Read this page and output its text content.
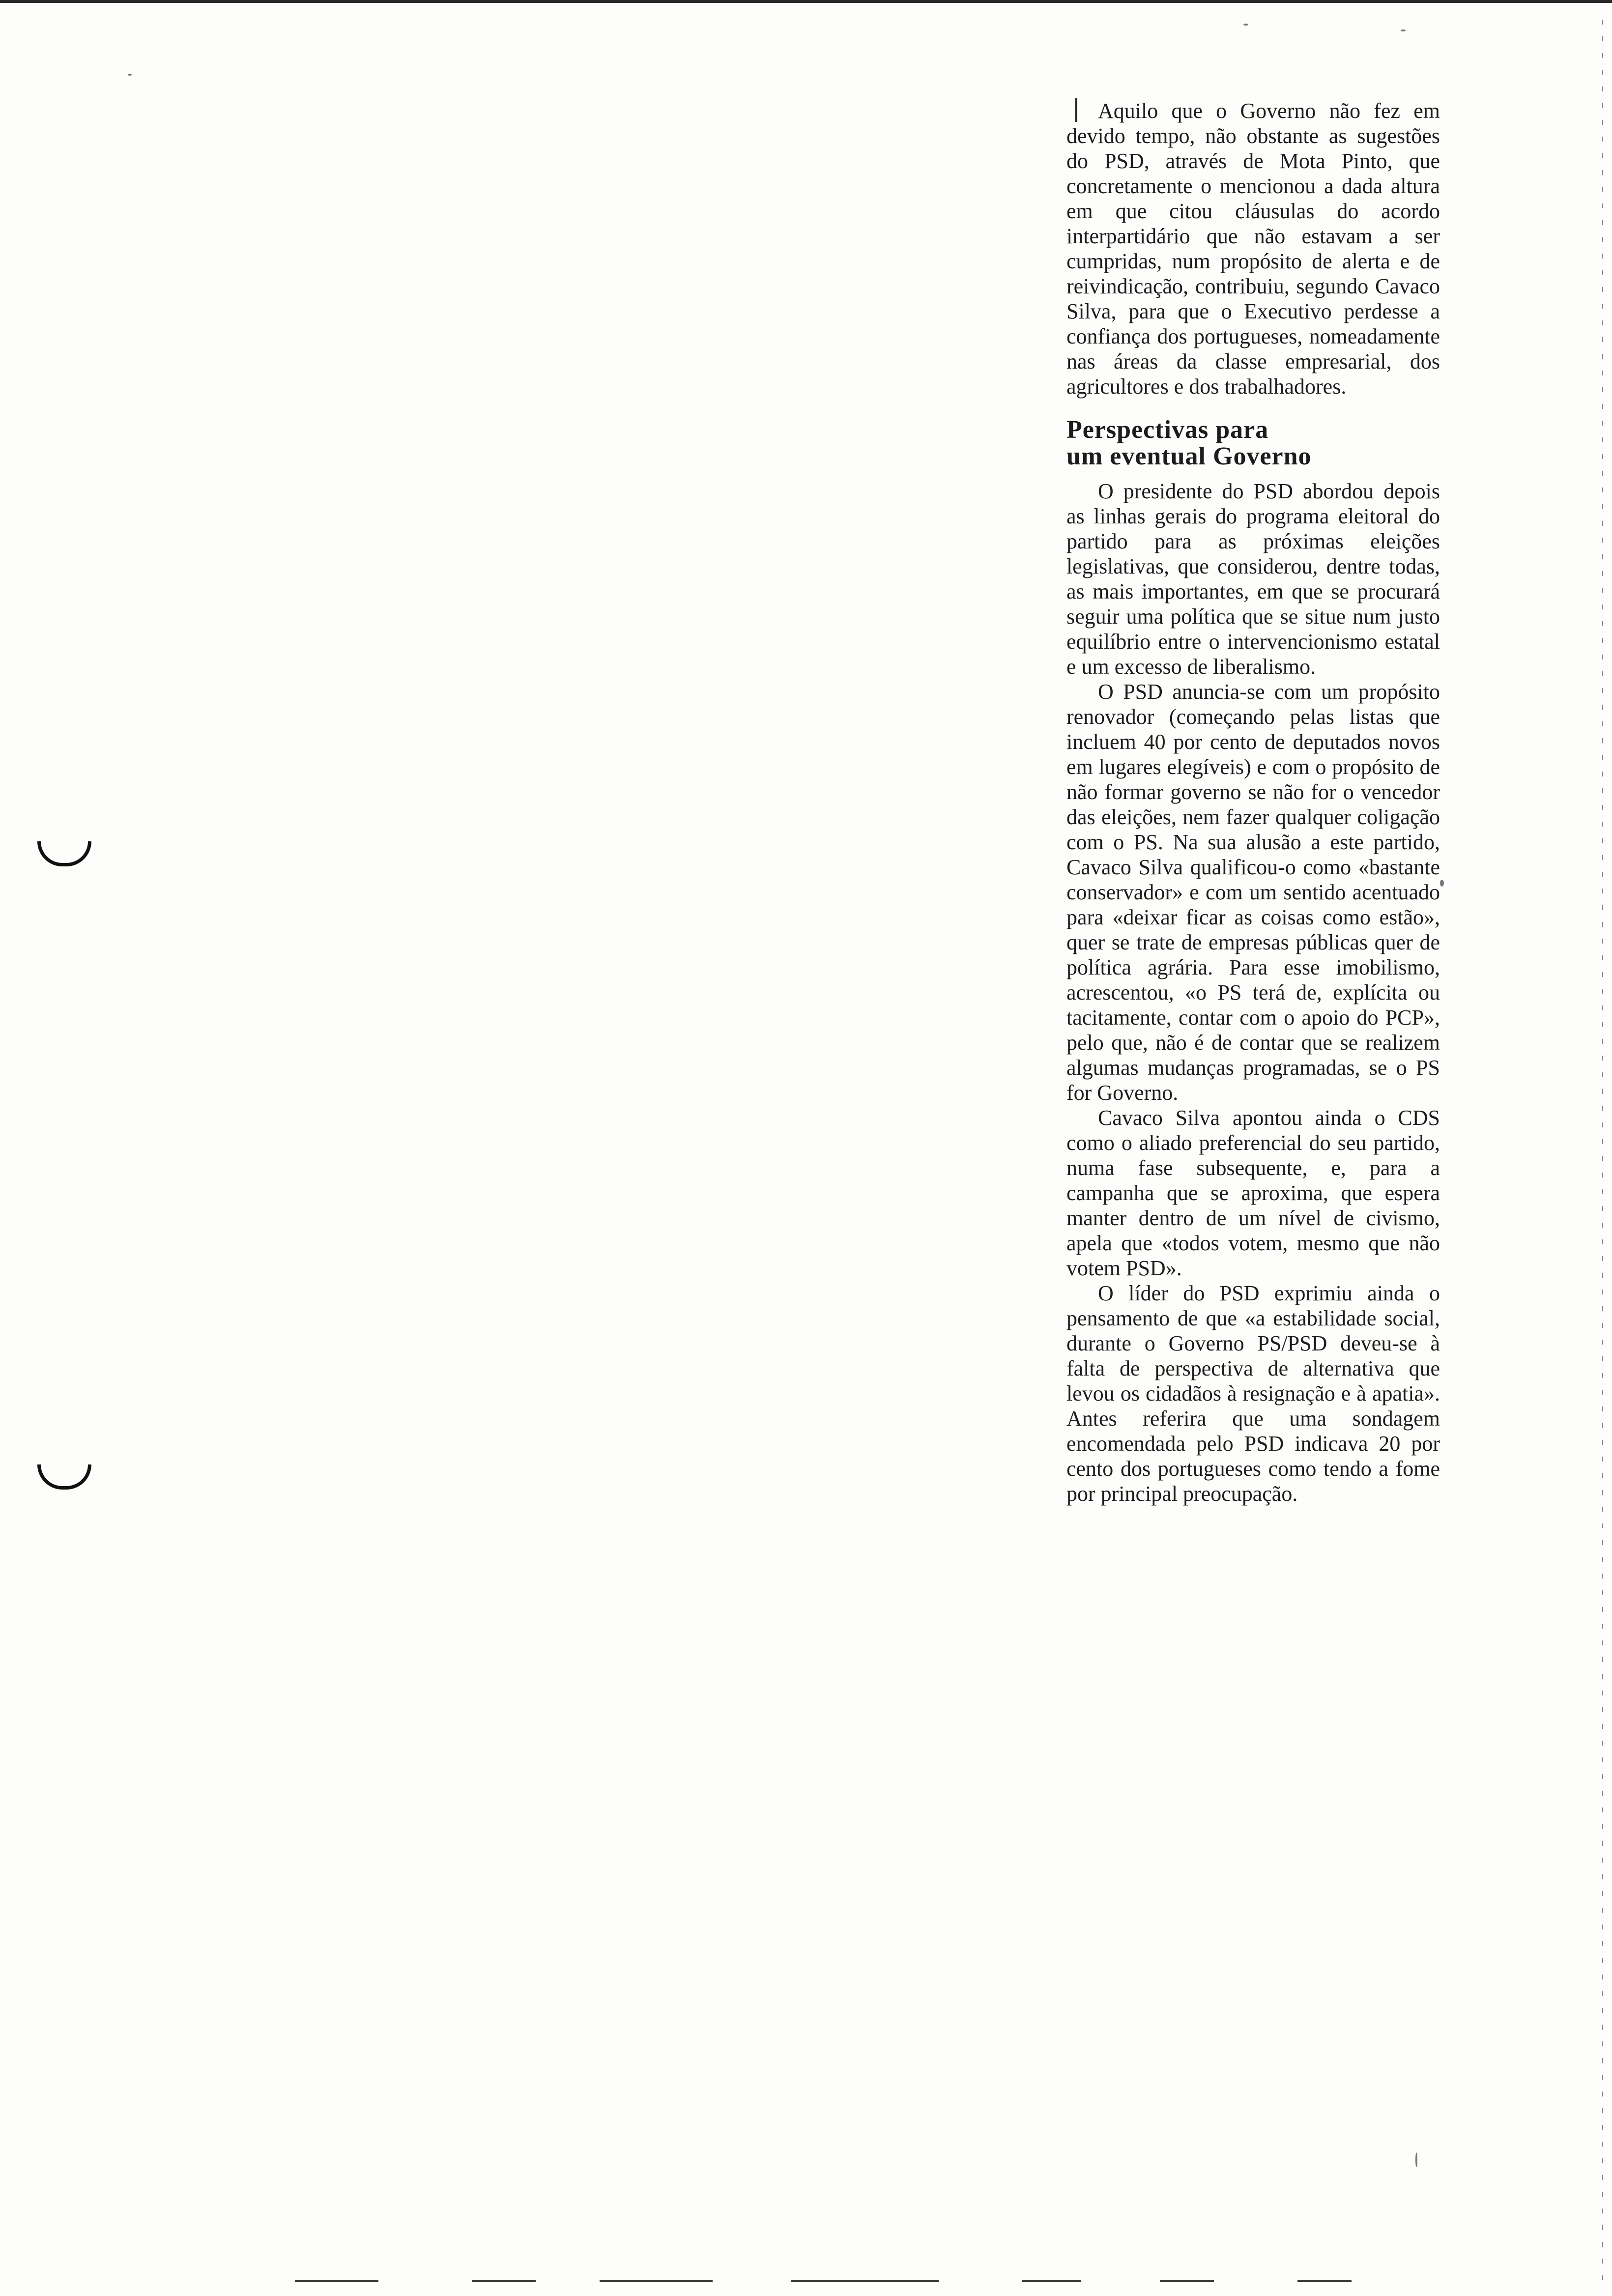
Aquilo que o Governo não fez em devido tempo, não obstante as sugestões do PSD, através de Mota Pinto, que concretamente o mencionou a dada altura em que citou cláusulas do acordo interpartidário que não estavam a ser cumpridas, num propósito de alerta e de reivindicação, contribuiu, segundo Cavaco Silva, para que o Executivo perdesse a confiança dos portugueses, nomeadamente nas áreas da classe empresarial, dos agricultores e dos trabalhadores.

Perspectivas para
um eventual Governo

O presidente do PSD abordou depois as linhas gerais do programa eleitoral do partido para as próximas eleições legislativas, que considerou, dentre todas, as mais importantes, em que se procurará seguir uma política que se situe num justo equilíbrio entre o intervencionismo estatal e um excesso de liberalismo.

O PSD anuncia-se com um propósito renovador (começando pelas listas que incluem 40 por cento de deputados novos em lugares elegíveis) e com o propósito de não formar governo se não for o vencedor das eleições, nem fazer qualquer coligação com o PS. Na sua alusão a este partido, Cavaco Silva qualificou-o como «bastante conservador» e com um sentido acentuado para «deixar ficar as coisas como estão», quer se trate de empresas públicas quer de política agrária. Para esse imobilismo, acrescentou, «o PS terá de, explícita ou tacitamente, contar com o apoio do PCP», pelo que, não é de contar que se realizem algumas mudanças programadas, se o PS for Governo.

Cavaco Silva apontou ainda o CDS como o aliado preferencial do seu partido, numa fase subsequente, e, para a campanha que se aproxima, que espera manter dentro de um nível de civismo, apela que «todos votem, mesmo que não votem PSD».

O líder do PSD exprimiu ainda o pensamento de que «a estabilidade social, durante o Governo PS/PSD deveu-se à falta de perspectiva de alternativa que levou os cidadãos à resignação e à apatia». Antes referira que uma sondagem encomendada pelo PSD indicava 20 por cento dos portugueses como tendo a fome por principal preocupação.
